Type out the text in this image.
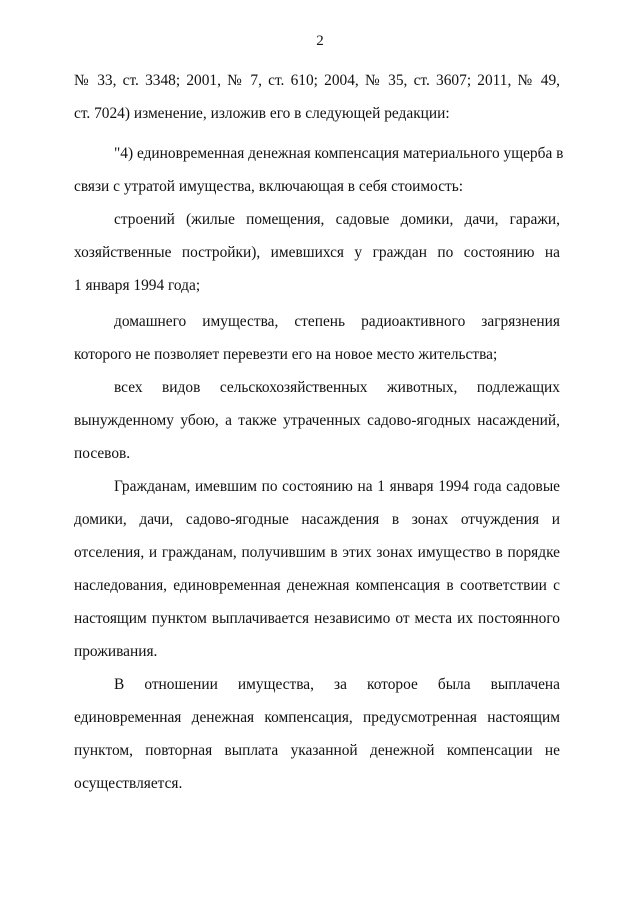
2
№ 33, ст. 3348; 2001, № 7, ст. 610; 2004, № 35, ст. 3607; 2011, № 49,
ст. 7024) изменение, изложив его в следующей редакции:
"4) единовременная денежная компенсация материального ущерба в
связи с утратой имущества, включающая в себя стоимость:
строений (жилые помещения, садовые домики, дачи, гаражи,
хозяйственные постройки), имевшихся у граждан по состоянию на
1 января 1994 года;
домашнего имущества, степень радиоактивного загрязнения
которого не позволяет перевезти его на новое место жительства;
всех видов сельскохозяйственных животных, подлежащих
вынужденному убою, а также утраченных садово-ягодных насаждений,
посевов.
Гражданам, имевшим по состоянию на 1 января 1994 года садовые
домики, дачи, садово-ягодные насаждения в зонах отчуждения и
отселения, и гражданам, получившим в этих зонах имущество в порядке
наследования, единовременная денежная компенсация в соответствии с
настоящим пунктом выплачивается независимо от места их постоянного
проживания.
В отношении имущества, за которое была выплачена
единовременная денежная компенсация, предусмотренная настоящим
пунктом, повторная выплата указанной денежной компенсации не
осуществляется.
